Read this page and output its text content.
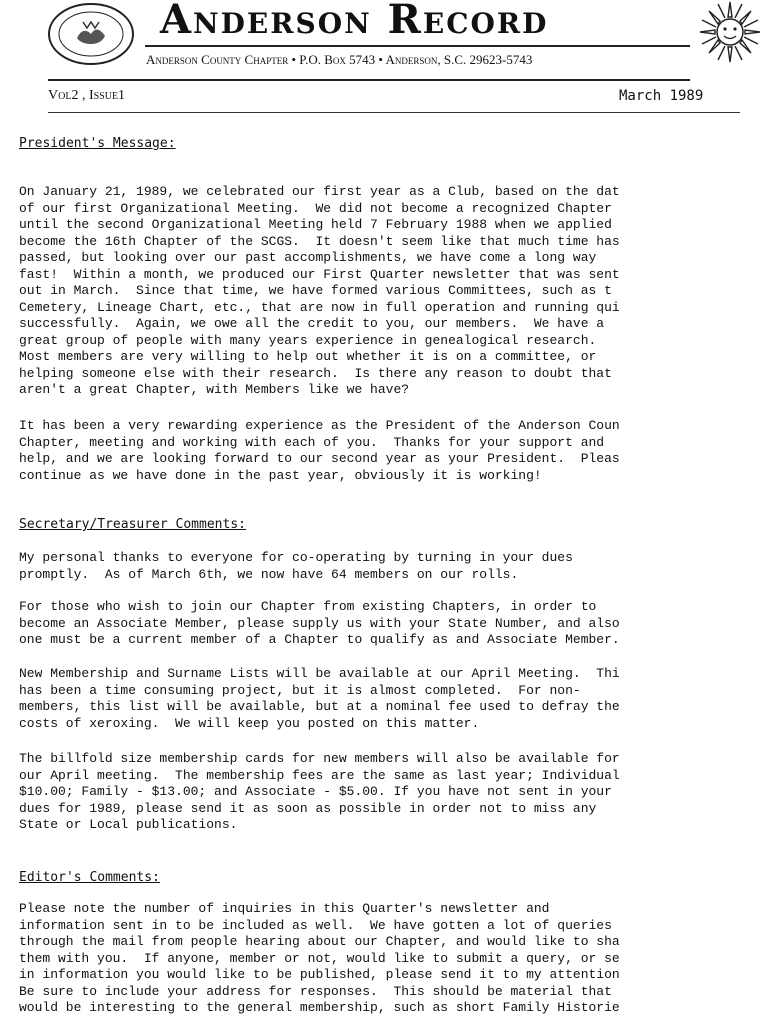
Anderson Record
Anderson County Chapter • P.O. Box 5743 • Anderson, S.C. 29623-5743
Vol2 , Issue1	March 1989
President's Message:
On January 21, 1989, we celebrated our first year as a Club, based on the dat
of our first Organizational Meeting.  We did not become a recognized Chapter
until the second Organizational Meeting held 7 February 1988 when we applied
become the 16th Chapter of the SCGS.  It doesn't seem like that much time has
passed, but looking over our past accomplishments, we have come a long way
fast!  Within a month, we produced our First Quarter newsletter that was sent
out in March.  Since that time, we have formed various Committees, such as t
Cemetery, Lineage Chart, etc., that are now in full operation and running qui
successfully.  Again, we owe all the credit to you, our members.  We have a
great group of people with many years experience in genealogical research.
Most members are very willing to help out whether it is on a committee, or
helping someone else with their research.  Is there any reason to doubt that
aren't a great Chapter, with Members like we have?
It has been a very rewarding experience as the President of the Anderson Coun
Chapter, meeting and working with each of you.  Thanks for your support and
help, and we are looking forward to our second year as your President.  Pleas
continue as we have done in the past year, obviously it is working!
Secretary/Treasurer Comments:
My personal thanks to everyone for co-operating by turning in your dues
promptly.  As of March 6th, we now have 64 members on our rolls.
For those who wish to join our Chapter from existing Chapters, in order to
become an Associate Member, please supply us with your State Number, and also
one must be a current member of a Chapter to qualify as and Associate Member.
New Membership and Surname Lists will be available at our April Meeting.  Thi
has been a time consuming project, but it is almost completed.  For non-
members, this list will be available, but at a nominal fee used to defray the
costs of xeroxing.  We will keep you posted on this matter.
The billfold size membership cards for new members will also be available for
our April meeting.  The membership fees are the same as last year; Individual
$10.00; Family - $13.00; and Associate - $5.00. If you have not sent in your
dues for 1989, please send it as soon as possible in order not to miss any
State or Local publications.
Editor's Comments:
Please note the number of inquiries in this Quarter's newsletter and
information sent in to be included as well.  We have gotten a lot of queries
through the mail from people hearing about our Chapter, and would like to sha
them with you.  If anyone, member or not, would like to submit a query, or se
in information you would like to be published, please send it to my attention
Be sure to include your address for responses.  This should be material that
would be interesting to the general membership, such as short Family Historie
